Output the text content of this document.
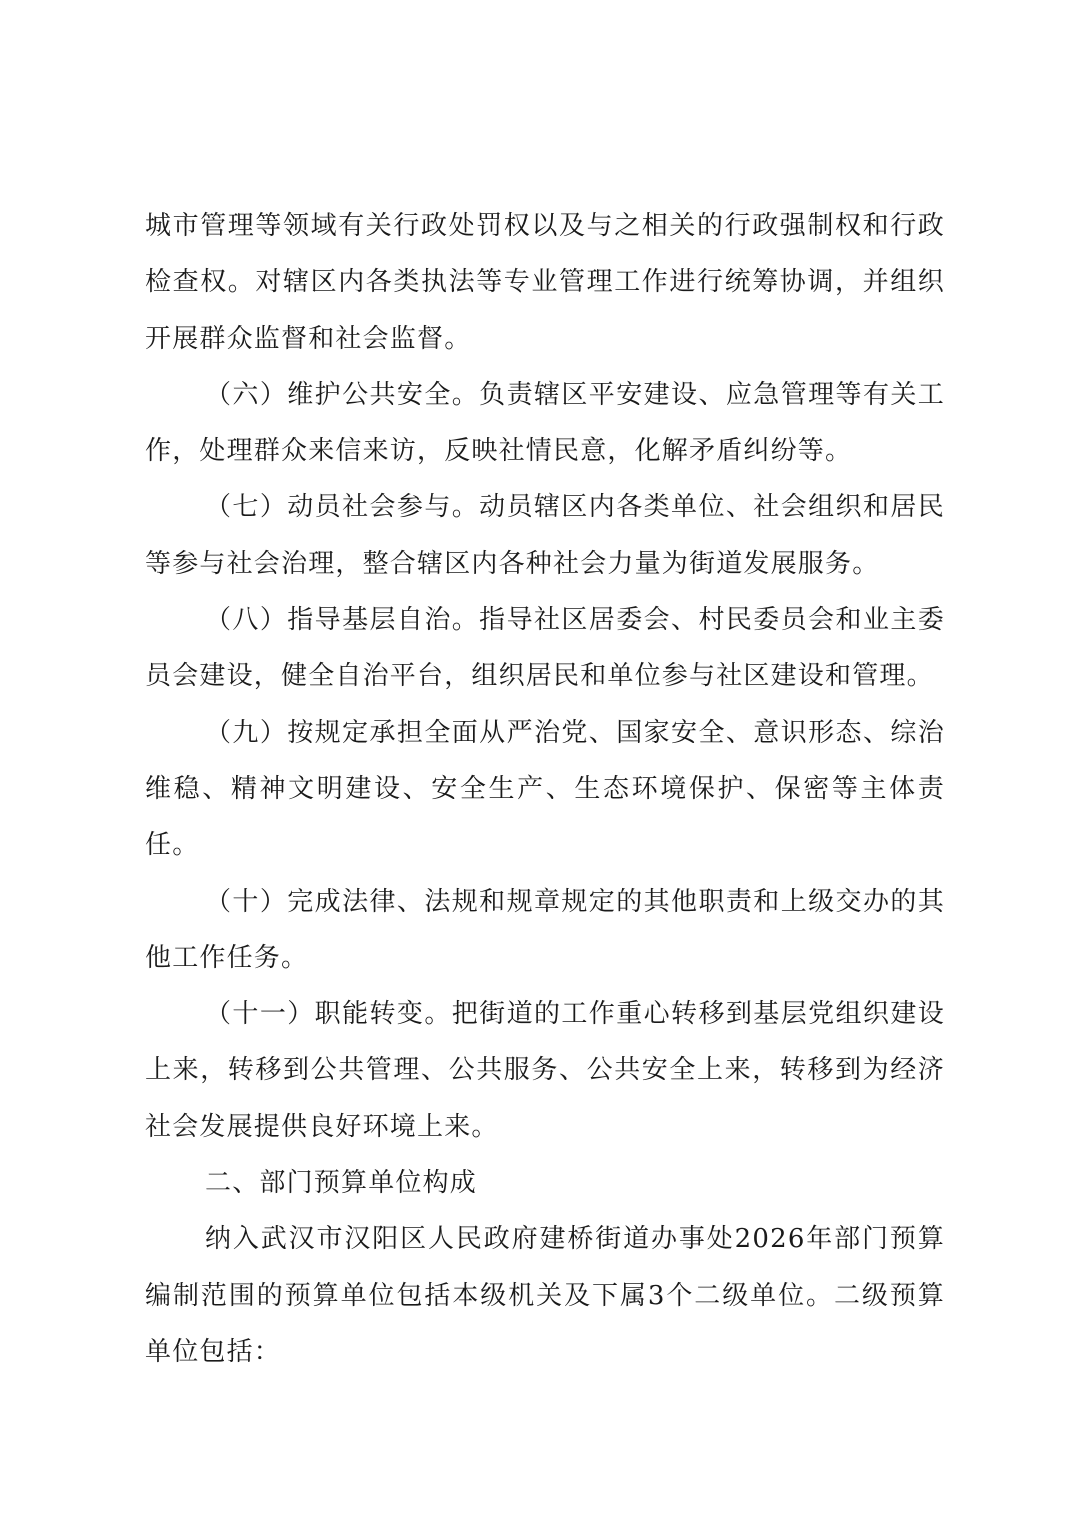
城市管理等领域有关行政处罚权以及与之相关的行政强制权和行政检查权。对辖区内各类执法等专业管理工作进行统筹协调，并组织开展群众监督和社会监督。

（六）维护公共安全。负责辖区平安建设、应急管理等有关工作，处理群众来信来访，反映社情民意，化解矛盾纠纷等。

（七）动员社会参与。动员辖区内各类单位、社会组织和居民等参与社会治理，整合辖区内各种社会力量为街道发展服务。

（八）指导基层自治。指导社区居委会、村民委员会和业主委员会建设，健全自治平台，组织居民和单位参与社区建设和管理。

（九）按规定承担全面从严治党、国家安全、意识形态、综治维稳、精神文明建设、安全生产、生态环境保护、保密等主体责任。

（十）完成法律、法规和规章规定的其他职责和上级交办的其他工作任务。

（十一）职能转变。把街道的工作重心转移到基层党组织建设上来，转移到公共管理、公共服务、公共安全上来，转移到为经济社会发展提供良好环境上来。

二、部门预算单位构成

纳入武汉市汉阳区人民政府建桥街道办事处2026年部门预算编制范围的预算单位包括本级机关及下属3个二级单位。二级预算单位包括：
